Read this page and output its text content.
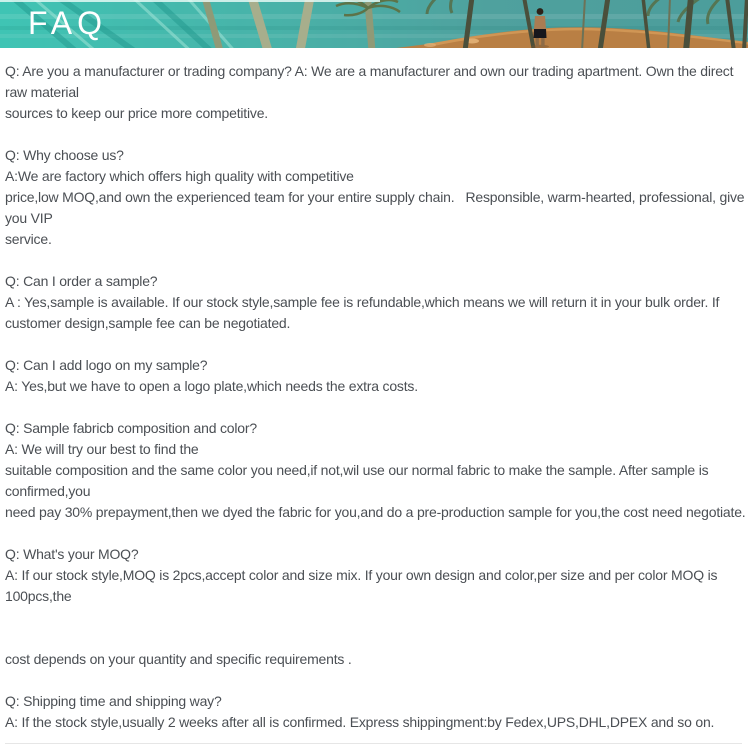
FAQ
Q: Are you a manufacturer or trading company? A: We are a manufacturer and own our trading apartment. Own the direct
raw material
sources to keep our price more competitive.
Q: Why choose us?
A:We are factory which offers high quality with competitive
price,low MOQ,and own the experienced team for your entire supply chain.   Responsible, warm-hearted, professional, give
you VIP
service.
Q: Can I order a sample?
A : Yes,sample is available. If our stock style,sample fee is refundable,which means we will return it in your bulk order. If
customer design,sample fee can be negotiated.
Q: Can I add logo on my sample?
A: Yes,but we have to open a logo plate,which needs the extra costs.
Q: Sample fabricb composition and color?
A: We will try our best to find the
suitable composition and the same color you need,if not,wil use our normal fabric to make the sample. After sample is
confirmed,you
need pay 30% prepayment,then we dyed the fabric for you,and do a pre-production sample for you,the cost need negotiate.
Q: What's your MOQ?
A: If our stock style,MOQ is 2pcs,accept color and size mix. If your own design and color,per size and per color MOQ is
100pcs,the
cost depends on your quantity and specific requirements .
Q: Shipping time and shipping way?
A: If the stock style,usually 2 weeks after all is confirmed. Express shippingment:by Fedex,UPS,DHL,DPEX and so on.
